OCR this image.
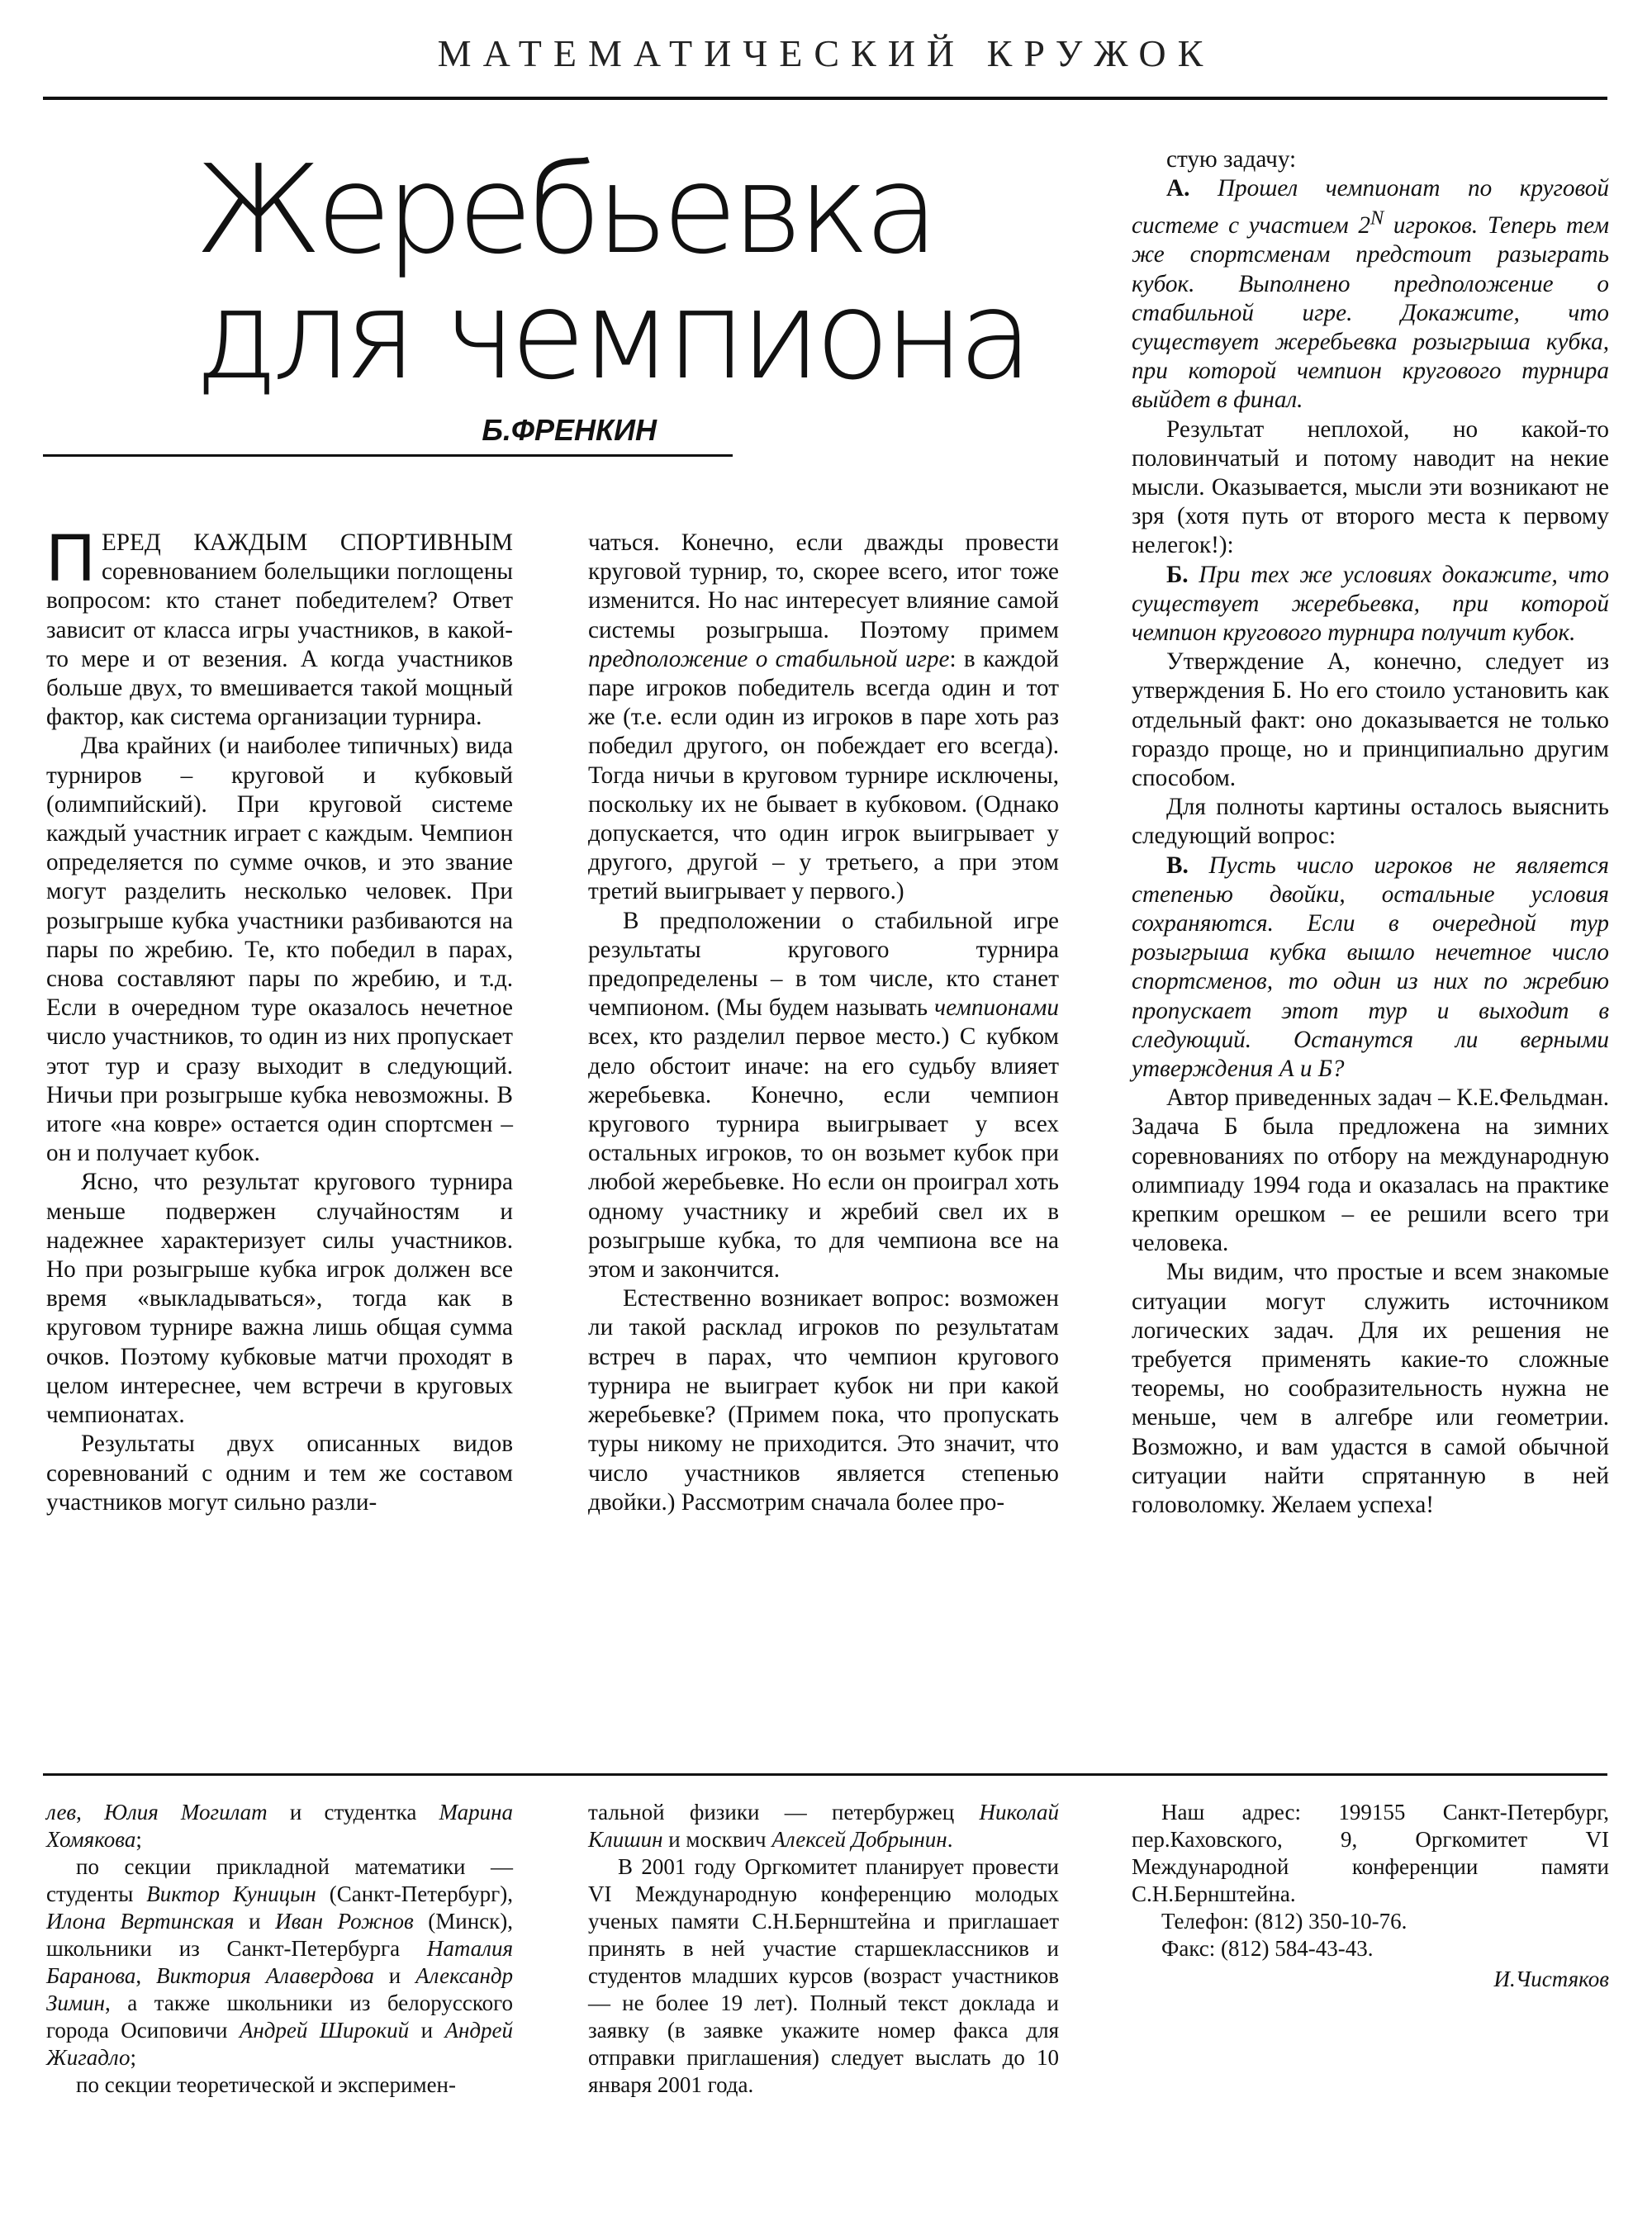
МАТЕМАТИЧЕСКИЙ КРУЖОК
Жеребьевка
для чемпиона
Б.ФРЕНКИН

ПЕРЕД КАЖДЫМ СПОРТИВНЫМ соревнованием болельщики поглощены вопросом: кто станет победителем? Ответ зависит от класса игры участников, в какой-то мере и от везения. А когда участников больше двух, то вмешивается такой мощный фактор, как система организации турнира.

Два крайних (и наиболее типичных) вида турниров – круговой и кубковый (олимпийский). При круговой системе каждый участник играет с каждым. Чемпион определяется по сумме очков, и это звание могут разделить несколько человек. При розыгрыше кубка участники разбиваются на пары по жребию. Те, кто победил в парах, снова составляют пары по жребию, и т.д. Если в очередном туре оказалось нечетное число участников, то один из них пропускает этот тур и сразу выходит в следующий. Ничьи при розыгрыше кубка невозможны. В итоге «на ковре» остается один спортсмен – он и получает кубок.

Ясно, что результат кругового турнира меньше подвержен случайностям и надежнее характеризует силы участников. Но при розыгрыше кубка игрок должен все время «выкладываться», тогда как в круговом турнире важна лишь общая сумма очков. Поэтому кубковые матчи проходят в целом интереснее, чем встречи в круговых чемпионатах.

Результаты двух описанных видов соревнований с одним и тем же составом участников могут сильно разли-

чаться. Конечно, если дважды провести круговой турнир, то, скорее всего, итог тоже изменится. Но нас интересует влияние самой системы розыгрыша. Поэтому примем предположение о стабильной игре: в каждой паре игроков победитель всегда один и тот же (т.е. если один из игроков в паре хоть раз победил другого, он побеждает его всегда). Тогда ничьи в круговом турнире исключены, поскольку их не бывает в кубковом. (Однако допускается, что один игрок выигрывает у другого, другой – у третьего, а при этом третий выигрывает у первого.)

В предположении о стабильной игре результаты кругового турнира предопределены – в том числе, кто станет чемпионом. (Мы будем называть чемпионами всех, кто разделил первое место.) С кубком дело обстоит иначе: на его судьбу влияет жеребьевка. Конечно, если чемпион кругового турнира выигрывает у всех остальных игроков, то он возьмет кубок при любой жеребьевке. Но если он проиграл хоть одному участнику и жребий свел их в розыгрыше кубка, то для чемпиона все на этом и закончится.

Естественно возникает вопрос: возможен ли такой расклад игроков по результатам встреч в парах, что чемпион кругового турнира не выиграет кубок ни при какой жеребьевке? (Примем пока, что пропускать туры никому не приходится. Это значит, что число участников является степенью двойки.) Рассмотрим сначала более про-

стую задачу:

А. Прошел чемпионат по круговой системе с участием $2^N$ игроков. Теперь тем же спортсменам предстоит разыграть кубок. Выполнено предположение о стабильной игре. Докажите, что существует жеребьевка розыгрыша кубка, при которой чемпион кругового турнира выйдет в финал.

Результат неплохой, но какой-то половинчатый и потому наводит на некие мысли. Оказывается, мысли эти возникают не зря (хотя путь от второго места к первому нелегок!):

Б. При тех же условиях докажите, что существует жеребьевка, при которой чемпион кругового турнира получит кубок.

Утверждение А, конечно, следует из утверждения Б. Но его стоило установить как отдельный факт: оно доказывается не только гораздо проще, но и принципиально другим способом.

Для полноты картины осталось выяснить следующий вопрос:

В. Пусть число игроков не является степенью двойки, остальные условия сохраняются. Если в очередной тур розыгрыша кубка вышло нечетное число спортсменов, то один из них по жребию пропускает этот тур и выходит в следующий. Останутся ли верными утверждения А и Б?

Автор приведенных задач – К.Е.Фельдман. Задача Б была предложена на зимних соревнованиях по отбору на международную олимпиаду 1994 года и оказалась на практике крепким орешком – ее решили всего три человека.

Мы видим, что простые и всем знакомые ситуации могут служить источником логических задач. Для их решения не требуется применять какие-то сложные теоремы, но сообразительность нужна не меньше, чем в алгебре или геометрии. Возможно, и вам удастся в самой обычной ситуации найти спрятанную в ней головоломку. Желаем успеха!

лев, Юлия Могилат и студентка Марина Хомякова;

по секции прикладной математики — студенты Виктор Куницын (Санкт-Петербург), Илона Вертинская и Иван Рожнов (Минск), школьники из Санкт-Петербурга Наталия Баранова, Виктория Алавердова и Александр Зимин, а также школьники из белорусского города Осиповичи Андрей Широкий и Андрей Жигадло;

по секции теоретической и эксперимен-

тальной физики — петербуржец Николай Клишин и москвич Алексей Добрынин.

В 2001 году Оргкомитет планирует провести VI Международную конференцию молодых ученых памяти С.Н.Бернштейна и приглашает принять в ней участие старшеклассников и студентов младших курсов (возраст участников — не более 19 лет). Полный текст доклада и заявку (в заявке укажите номер факса для отправки приглашения) следует выслать до 10 января 2001 года.

Наш адрес: 199155 Санкт-Петербург, пер.Каховского, 9, Оргкомитет VI Международной конференции памяти С.Н.Бернштейна.

Телефон: (812) 350-10-76.

Факс: (812) 584-43-43.

И.Чистяков
